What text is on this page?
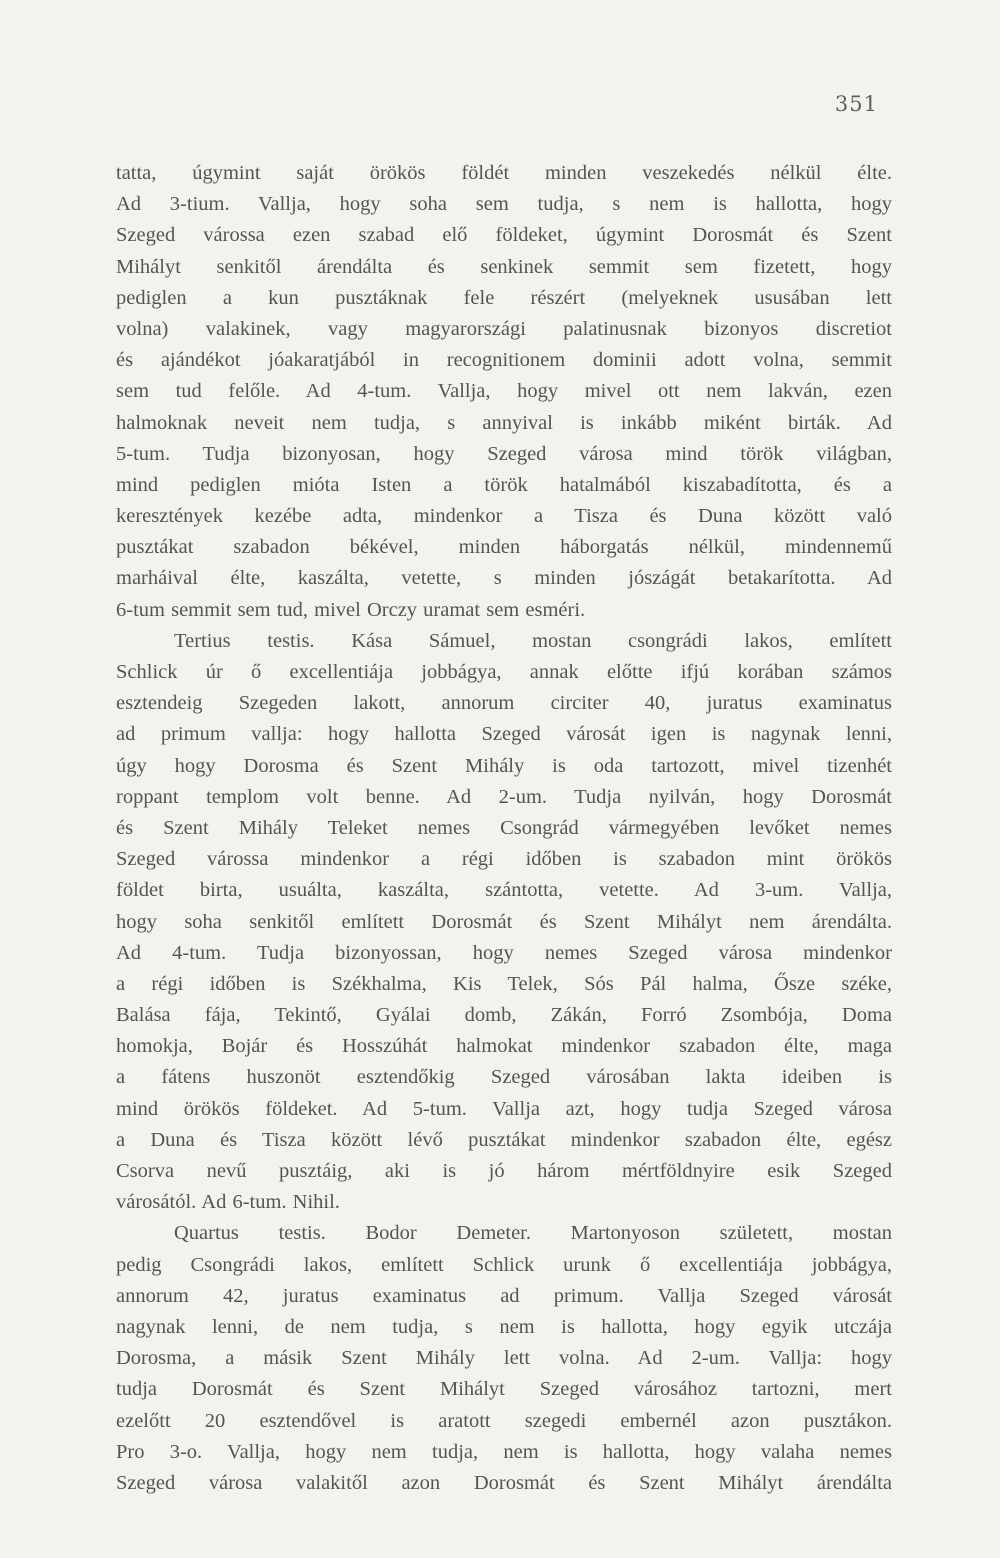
351
tatta, úgymint saját örökös földét minden veszekedés nélkül élte.
Ad 3-tium. Vallja, hogy soha sem tudja, s nem is hallotta, hogy
Szeged várossa ezen szabad elő földeket, úgymint Dorosmát és Szent
Mihályt senkitől árendálta és senkinek semmit sem fizetett, hogy
pediglen a kun pusztáknak fele részért (melyeknek ususában lett
volna) valakinek, vagy magyarországi palatinusnak bizonyos discretiot
és ajándékot jóakaratjából in recognitionem dominii adott volna, semmit
sem tud felőle. Ad 4-tum. Vallja, hogy mivel ott nem lakván, ezen
halmoknak neveit nem tudja, s annyival is inkább miként birták. Ad
5-tum. Tudja bizonyosan, hogy Szeged városa mind török világban,
mind pediglen mióta Isten a török hatalmából kiszabadította, és a
keresztények kezébe adta, mindenkor a Tisza és Duna között való
pusztákat szabadon békével, minden háborgatás nélkül, mindennemű
marháival élte, kaszálta, vetette, s minden jószágát betakarította. Ad
6-tum semmit sem tud, mivel Orczy uramat sem esméri.
Tertius testis. Kása Sámuel, mostan csongrádi lakos, említett
Schlick úr ő excellentiája jobbágya, annak előtte ifjú korában számos
esztendeig Szegeden lakott, annorum circiter 40, juratus examinatus
ad primum vallja: hogy hallotta Szeged városát igen is nagynak lenni,
úgy hogy Dorosma és Szent Mihály is oda tartozott, mivel tizenhét
roppant templom volt benne. Ad 2-um. Tudja nyilván, hogy Dorosmát
és Szent Mihály Teleket nemes Csongrád vármegyében levőket nemes
Szeged várossa mindenkor a régi időben is szabadon mint örökös
földet birta, usuálta, kaszálta, szántotta, vetette. Ad 3-um. Vallja,
hogy soha senkitől említett Dorosmát és Szent Mihályt nem árendálta.
Ad 4-tum. Tudja bizonyossan, hogy nemes Szeged városa mindenkor
a régi időben is Székhalma, Kis Telek, Sós Pál halma, Ősze széke,
Balása fája, Tekintő, Gyálai domb, Zákán, Forró Zsombója, Doma
homokja, Bojár és Hosszúhát halmokat mindenkor szabadon élte, maga
a fátens huszonöt esztendőkig Szeged városában lakta ideiben is
mind örökös földeket. Ad 5-tum. Vallja azt, hogy tudja Szeged városa
a Duna és Tisza között lévő pusztákat mindenkor szabadon élte, egész
Csorva nevű pusztáig, aki is jó három mértföldnyire esik Szeged
városától. Ad 6-tum. Nihil.
Quartus testis. Bodor Demeter. Martonyoson született, mostan
pedig Csongrádi lakos, említett Schlick urunk ő excellentiája jobbágya,
annorum 42, juratus examinatus ad primum. Vallja Szeged városát
nagynak lenni, de nem tudja, s nem is hallotta, hogy egyik utczája
Dorosma, a másik Szent Mihály lett volna. Ad 2-um. Vallja: hogy
tudja Dorosmát és Szent Mihályt Szeged városához tartozni, mert
ezelőtt 20 esztendővel is aratott szegedi embernél azon pusztákon.
Pro 3-o. Vallja, hogy nem tudja, nem is hallotta, hogy valaha nemes
Szeged városa valakitől azon Dorosmát és Szent Mihályt árendálta
